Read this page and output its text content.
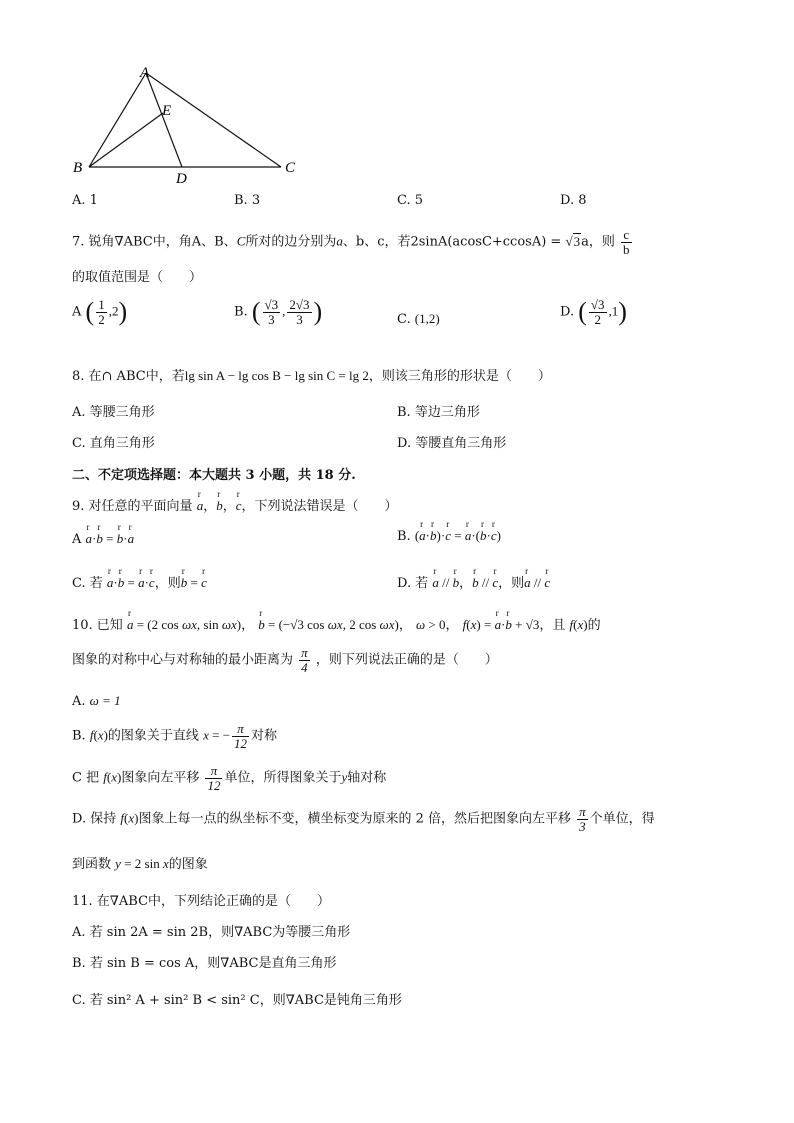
A
E
B
D
C
A. 1	B. 3	C. 5	D. 8
7. 锐角∇ABC中，角A、B、C所对的边分别为a、b、c，若2sinA(acosC+ccosA) = √3a，则 $\frac{c}{b}$
的取值范围是（　　）
A ( $\frac{1}{2} ,2$)	B. ( $\frac{√3}{3}$ , $\frac{2√3}{3}$ )	C. (1,2)	D. ( $\frac{√3}{2} ,1$)
8. 在∩ ABC中，若lg sin A − lg cos B − lg sin C = lg 2，则该三角形的形状是（　　）
A. 等腰三角形	B. 等边三角形
C. 直角三角形	D. 等腰直角三角形
二、不定项选择题：本大题共 3 小题，共 18 分.
9. 对任意的平面向量 r a，r b，r c，下列说法错误是（　　）
A r a·r b = r b·r a	B. (r a·r b)·r c = r a·(r b·r c)
C. 若 r a·r b = r a·r c，则r b = r c	D. 若 r a // r b，r b // r c，则r a // r c
10. 已知 r a = (2 cos ωx, sin ωx)， r b = (−√3 cos ωx, 2 cos ωx)， ω > 0， f(x) = r a·r b + √3，且 f(x)的
图象的对称中心与对称轴的最小距离为 $\frac{\pi}{4}$ ，则下列说法正确的是（　　）
A. ω = 1
B. f(x)的图象关于直线 x = − $\frac{\pi}{12}$ 对称
C 把 f(x)图象向左平移 $\frac{\pi}{12}$ 单位，所得图象关于y轴对称
D. 保持 f(x)图象上每一点的纵坐标不变，横坐标变为原来的 2 倍，然后把图象向左平移 $\frac{\pi}{3}$ 个单位，得
到函数 y = 2 sin x的图象
11. 在∇ABC中，下列结论正确的是（　　）
A. 若 sin 2A = sin 2B，则∇ABC为等腰三角形
B. 若 sin B = cos A，则∇ABC是直角三角形
C. 若 sin² A + sin² B < sin² C，则∇ABC是钝角三角形
